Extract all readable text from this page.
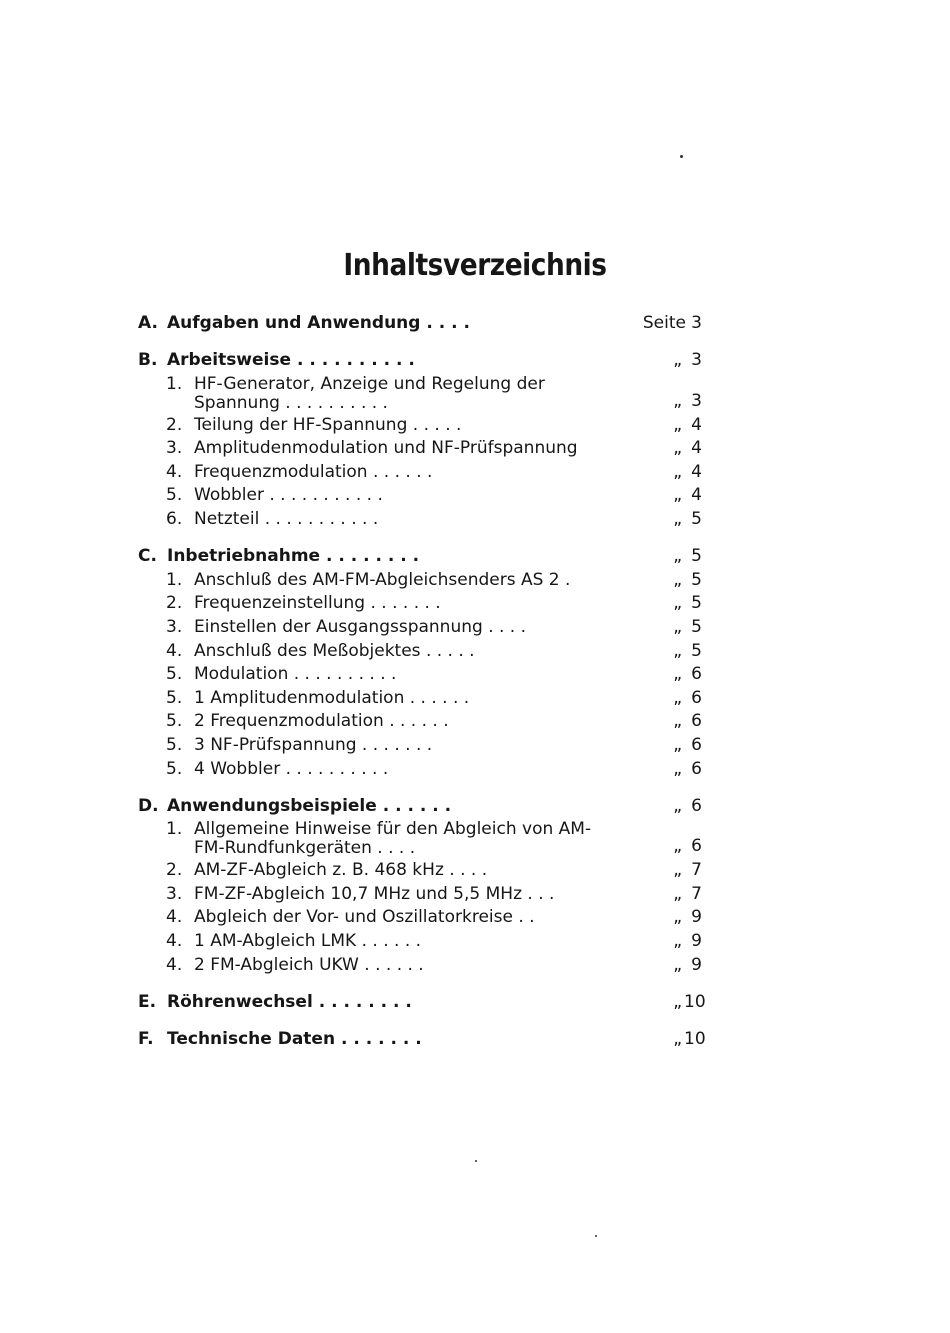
Inhaltsverzeichnis
A. Aufgaben und Anwendung . . . .	Seite 3
B. Arbeitsweise . . . . . . . . . .	„ 3
1. HF-Generator, Anzeige und Regelung der Spannung . . . . . . . . . .	„ 3
2. Teilung der HF-Spannung . . . . .	„ 4
3. Amplitudenmodulation und NF-Prüfspannung	„ 4
4. Frequenzmodulation . . . . . .	„ 4
5. Wobbler . . . . . . . . . . .	„ 4
6. Netzteil . . . . . . . . . . .	„ 5
C. Inbetriebnahme . . . . . . . .	„ 5
1. Anschluß des AM-FM-Abgleichsenders AS 2 .	„ 5
2. Frequenzeinstellung . . . . . . .	„ 5
3. Einstellen der Ausgangsspannung . . . .	„ 5
4. Anschluß des Meßobjektes . . . . .	„ 5
5. Modulation . . . . . . . . . .	„ 6
5. 1 Amplitudenmodulation . . . . . .	„ 6
5. 2 Frequenzmodulation . . . . . .	„ 6
5. 3 NF-Prüfspannung . . . . . . .	„ 6
5. 4 Wobbler . . . . . . . . . .	„ 6
D. Anwendungsbeispiele . . . . . .	„ 6
1. Allgemeine Hinweise für den Abgleich von AM-FM-Rundfunkgeräten . . . .	„ 6
2. AM-ZF-Abgleich z. B. 468 kHz . . . .	„ 7
3. FM-ZF-Abgleich 10,7 MHz und 5,5 MHz . . .	„ 7
4. Abgleich der Vor- und Oszillatorkreise . .	„ 9
4. 1 AM-Abgleich LMK . . . . . .	„ 9
4. 2 FM-Abgleich UKW . . . . . .	„ 9
E. Röhrenwechsel . . . . . . . .	„ 10
F. Technische Daten . . . . . . .	„ 10
